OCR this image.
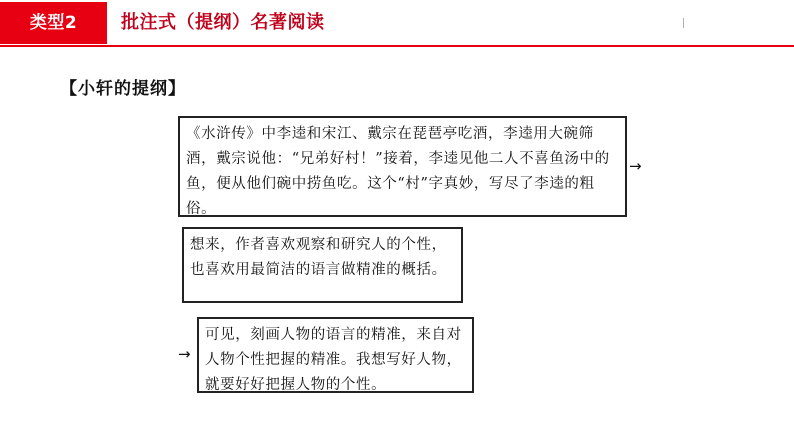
类型2	批注式（提纲）名著阅读
【小轩的提纲】

《水浒传》中李逵和宋江、戴宗在琵琶亭吃酒，李逵用大碗筛酒，戴宗说他：“兄弟好村！”接着，李逵见他二人不喜鱼汤中的鱼，便从他们碗中捞鱼吃。这个“村”字真妙，写尽了李逵的粗俗。

→

想来，作者喜欢观察和研究人的个性，也喜欢用最简洁的语言做精准的概括。

→

可见，刻画人物的语言的精准，来自对人物个性把握的精准。我想写好人物，就要好好把握人物的个性。
